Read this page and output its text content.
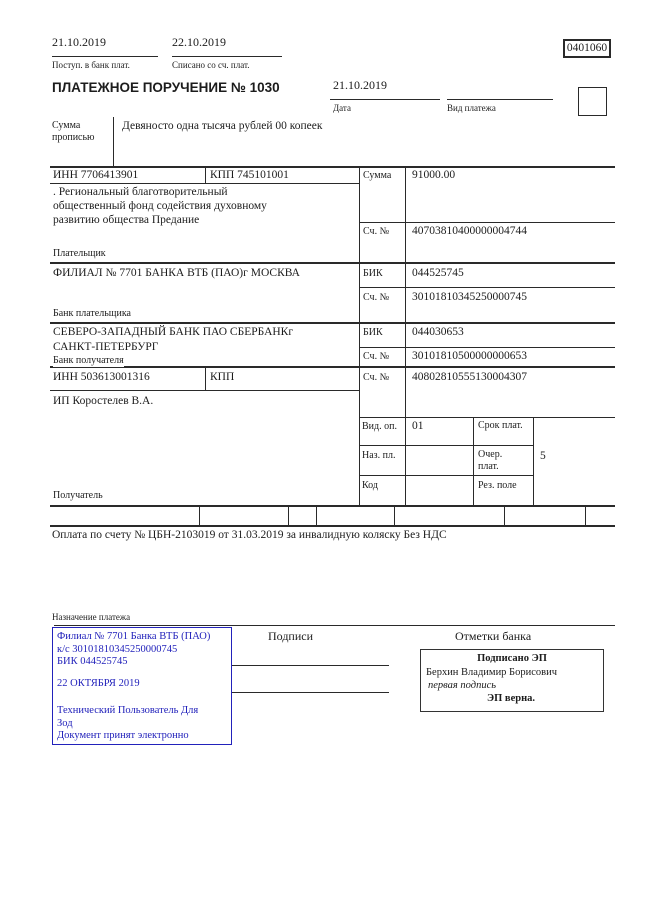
21.10.2019
Поступ. в банк плат.
22.10.2019
Списано со сч. плат.
0401060
ПЛАТЕЖНОЕ ПОРУЧЕНИЕ № 1030	21.10.2019
Дата	Вид платежа
Сумма прописью
Девяносто одна тысяча рублей 00 копеек
ИНН 7706413901	КПП 745101001	Сумма 91000.00
. Региональный благотворительный
общественный фонд содействия духовному
развитию общества Предание
Сч. № 40703810400000004744
Плательщик
ФИЛИАЛ № 7701 БАНКА ВТБ (ПАО)г МОСКВА	БИК	044525745
Сч. № 30101810345250000745
Банк плательщика
СЕВЕРО-ЗАПАДНЫЙ БАНК ПАО СБЕРБАНКг
САНКТ-ПЕТЕРБУРГ
БИК	044030653
Сч. № 30101810500000000653
Банк получателя
ИНН 503613001316	КПП	Сч. № 40802810555130004307
ИП Коростелев В.А.
Получатель
Вид. оп. 01	Срок плат.
Наз. пл.	Очер. плат.
5
Код	Рез. поле
Оплата по счету № ЦБН-2103019 от 31.03.2019 за инвалидную коляску Без НДС
Назначение платежа
Подписи	Отметки банка
Филиал № 7701 Банка ВТБ (ПАО)
к/с 30101810345250000745
БИК 044525745
22 ОКТЯБРЯ 2019
Технический Пользователь Для
Зод
Документ принят электронно
Подписано ЭП
Берхин Владимир Борисович
первая подпись
ЭП верна.
